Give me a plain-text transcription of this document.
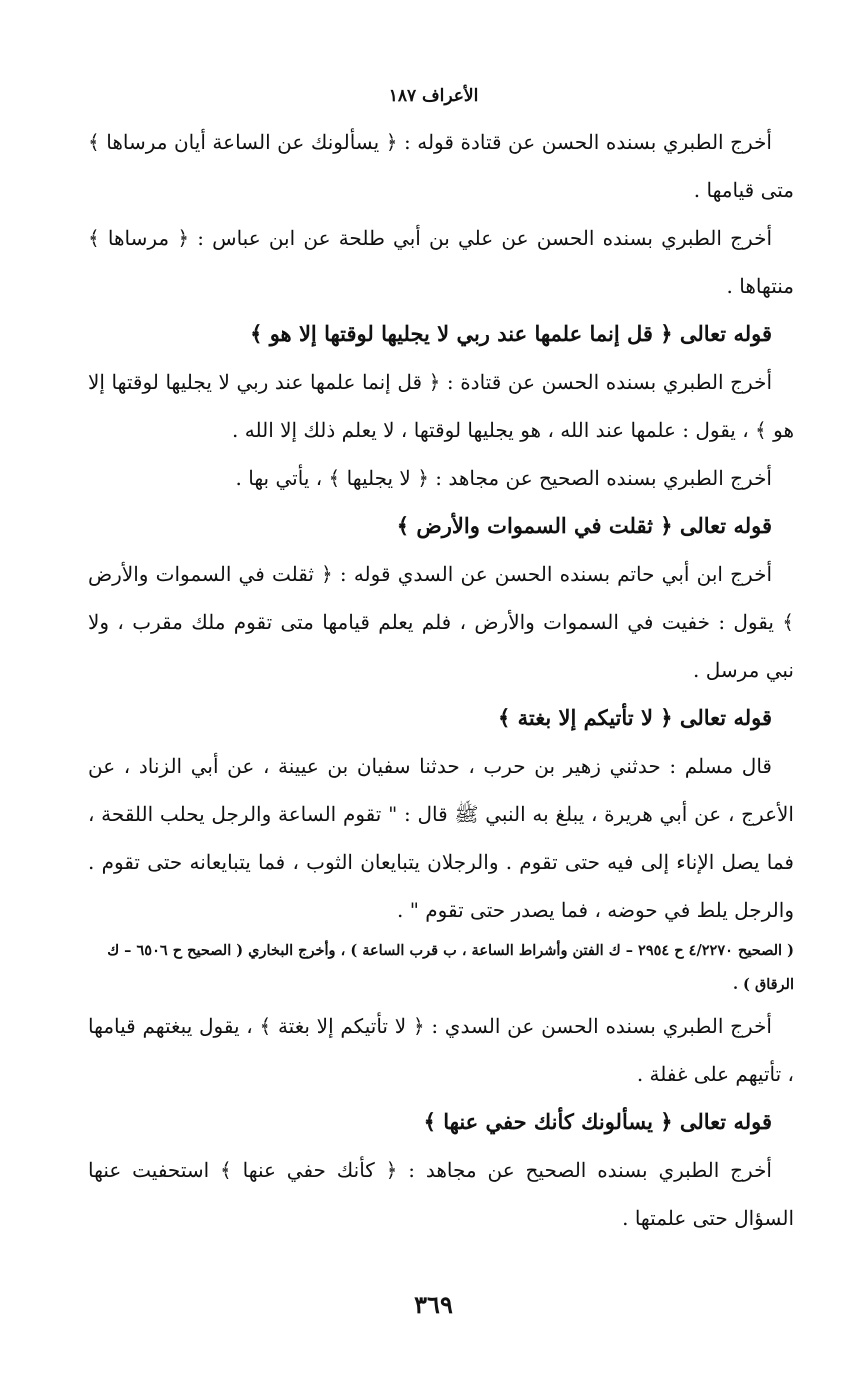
الأعراف ١٨٧

أخرج الطبري بسنده الحسن عن قتادة قوله : ﴿ يسألونك عن الساعة أيان مرساها ﴾ متى قيامها .

أخرج الطبري بسنده الحسن عن علي بن أبي طلحة عن ابن عباس : ﴿ مرساها ﴾ منتهاها .

قوله تعالى ﴿ قل إنما علمها عند ربي لا يجليها لوقتها إلا هو ﴾

أخرج الطبري بسنده الحسن عن قتادة : ﴿ قل إنما علمها عند ربي لا يجليها لوقتها إلا هو ﴾ ، يقول : علمها عند الله ، هو يجليها لوقتها ، لا يعلم ذلك إلا الله .

أخرج الطبري بسنده الصحيح عن مجاهد : ﴿ لا يجليها ﴾ ، يأتي بها .

قوله تعالى ﴿ ثقلت في السموات والأرض ﴾

أخرج ابن أبي حاتم بسنده الحسن عن السدي قوله : ﴿ ثقلت في السموات والأرض ﴾ يقول : خفيت في السموات والأرض ، فلم يعلم قيامها متى تقوم ملك مقرب ، ولا نبي مرسل .

قوله تعالى ﴿ لا تأتيكم إلا بغتة ﴾

قال مسلم : حدثني زهير بن حرب ، حدثنا سفيان بن عيينة ، عن أبي الزناد ، عن الأعرج ، عن أبي هريرة ، يبلغ به النبي ﷺ قال : " تقوم الساعة والرجل يحلب اللقحة ، فما يصل الإناء إلى فيه حتى تقوم . والرجلان يتبايعان الثوب ، فما يتبايعانه حتى تقوم . والرجل يلط في حوضه ، فما يصدر حتى تقوم " .

( الصحيح ٤/٢٢٧٠ ح ٢٩٥٤ – ك الفتن وأشراط الساعة ، ب قرب الساعة ) ، وأخرج البخاري ( الصحيح ح ٦٥٠٦ – ك الرقاق ) .

أخرج الطبري بسنده الحسن عن السدي : ﴿ لا تأتيكم إلا بغتة ﴾ ، يقول يبغتهم قيامها ، تأتيهم على غفلة .

قوله تعالى ﴿ يسألونك كأنك حفي عنها ﴾

أخرج الطبري بسنده الصحيح عن مجاهد : ﴿ كأنك حفي عنها ﴾ استحفيت عنها السؤال حتى علمتها .

٣٦٩
